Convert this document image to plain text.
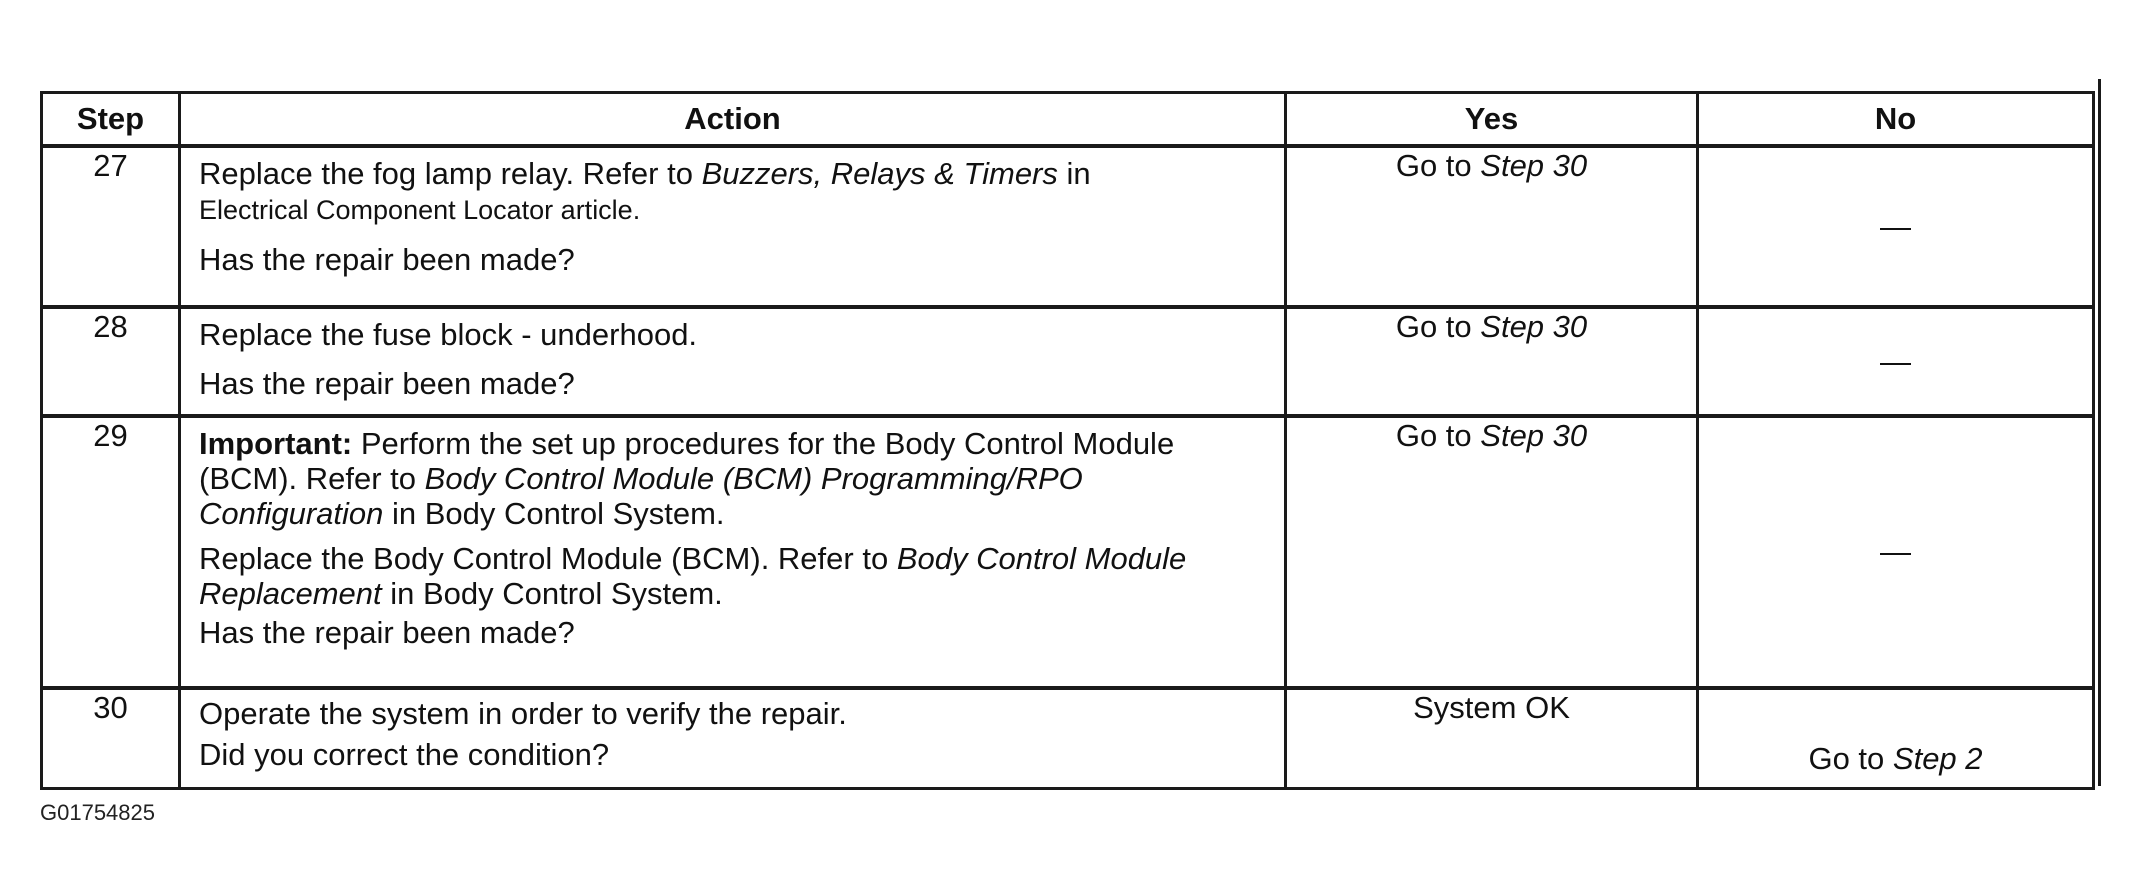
Step	Action	Yes	No
27	Replace the fog lamp relay. Refer to Buzzers, Relays & Timers in
Electrical Component Locator article.

Has the repair been made?	Go to Step 30	—

28	Replace the fuse block - underhood.

Has the repair been made?	Go to Step 30	—

29	Important: Perform the set up procedures for the Body Control Module (BCM). Refer to Body Control Module (BCM) Programming/RPO Configuration in Body Control System.

Replace the Body Control Module (BCM). Refer to Body Control Module Replacement in Body Control System.

Has the repair been made?	Go to Step 30	—

30	Operate the system in order to verify the repair.

Did you correct the condition?	System OK	Go to Step 2
G01754825
